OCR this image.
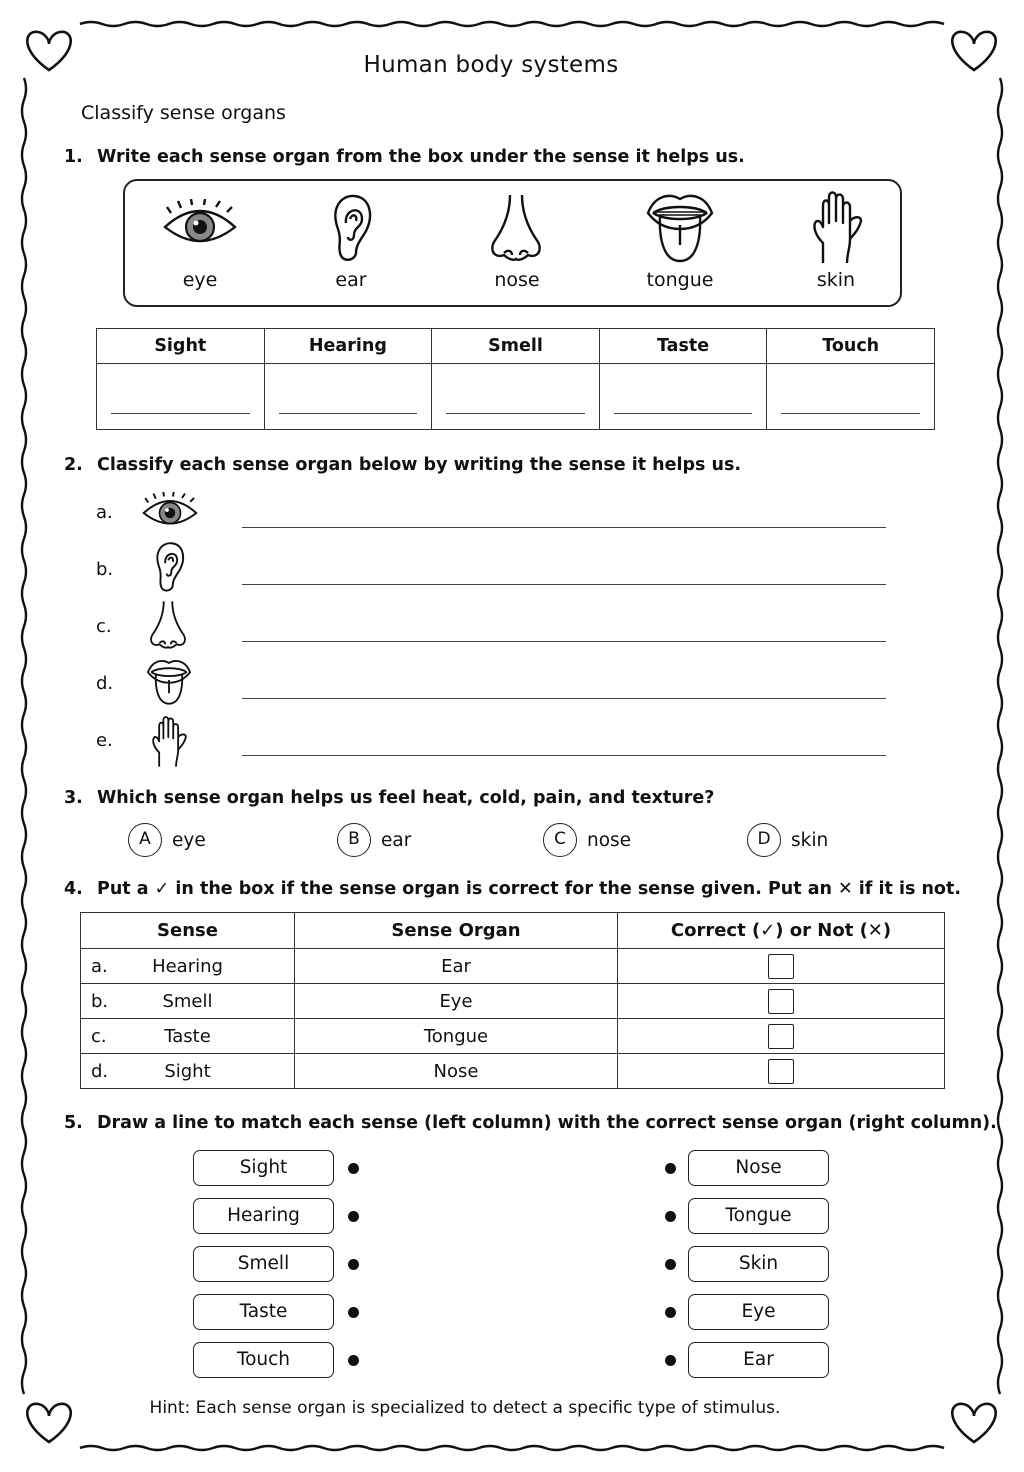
Human body systems
Classify sense organs
1. Write each sense organ from the box under the sense it helps us.
eye	ear	nose	tongue	skin
Sight	Hearing	Smell	Taste	Touch

2. Classify each sense organ below by writing the sense it helps us.
a.
b.
c.
d.
e.
3. Which sense organ helps us feel heat, cold, pain, and texture?
A eye	B ear	C nose	D skin
4. Put a ✓ in the box if the sense organ is correct for the sense given. Put an ✕ if it is not.
Sense	Sense Organ	Correct (✓) or Not (✕)

a. Hearing	Ear	

b. Smell	Eye	

c. Taste	Tongue	

d. Sight	Nose	
5. Draw a line to match each sense (left column) with the correct sense organ (right column).
Sight
Hearing
Smell
Taste
Touch
Nose
Tongue
Skin
Eye
Ear
Hint: Each sense organ is specialized to detect a specific type of stimulus.
